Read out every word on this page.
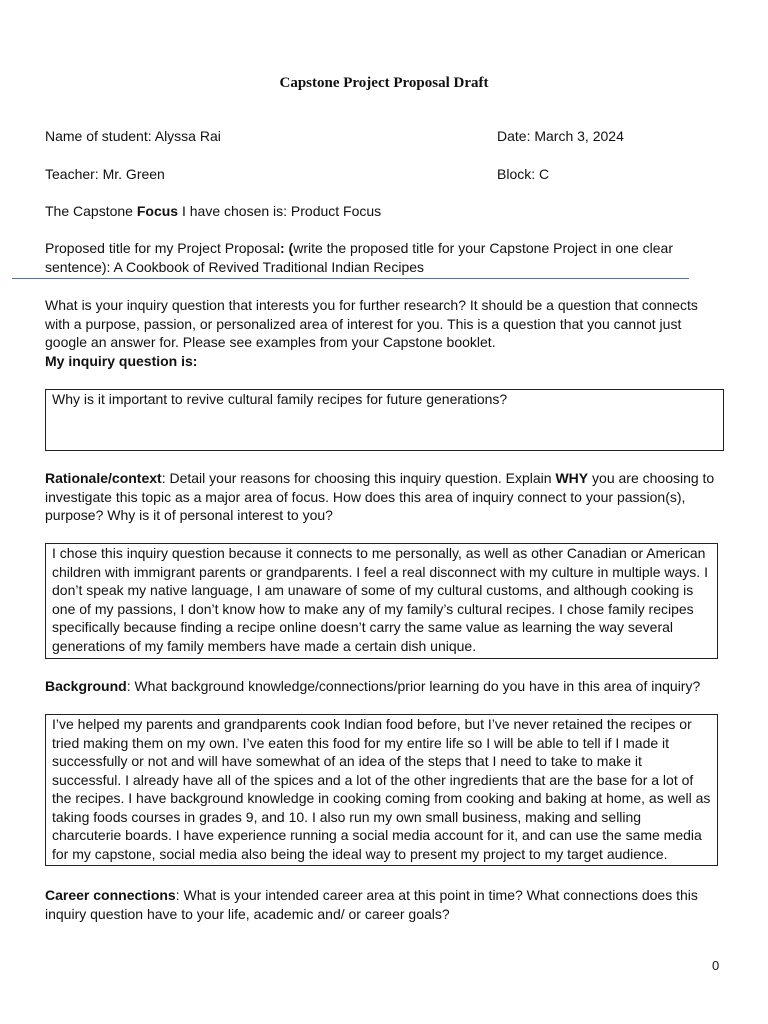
Capstone Project Proposal Draft
Name of student: Alyssa Rai	Date: March 3, 2024
Teacher: Mr. Green	Block: C
The Capstone Focus I have chosen is: Product Focus
Proposed title for my Project Proposal: (write the proposed title for your Capstone Project in one clear sentence): A Cookbook of Revived Traditional Indian Recipes
What is your inquiry question that interests you for further research? It should be a question that connects with a purpose, passion, or personalized area of interest for you. This is a question that you cannot just google an answer for. Please see examples from your Capstone booklet.
My inquiry question is:
Why is it important to revive cultural family recipes for future generations?
Rationale/context: Detail your reasons for choosing this inquiry question. Explain WHY you are choosing to investigate this topic as a major area of focus. How does this area of inquiry connect to your passion(s), purpose? Why is it of personal interest to you?
I chose this inquiry question because it connects to me personally, as well as other Canadian or American children with immigrant parents or grandparents. I feel a real disconnect with my culture in multiple ways. I don’t speak my native language, I am unaware of some of my cultural customs, and although cooking is one of my passions, I don’t know how to make any of my family’s cultural recipes. I chose family recipes specifically because finding a recipe online doesn’t carry the same value as learning the way several generations of my family members have made a certain dish unique.
Background: What background knowledge/connections/prior learning do you have in this area of inquiry?
I’ve helped my parents and grandparents cook Indian food before, but I’ve never retained the recipes or tried making them on my own. I’ve eaten this food for my entire life so I will be able to tell if I made it successfully or not and will have somewhat of an idea of the steps that I need to take to make it successful. I already have all of the spices and a lot of the other ingredients that are the base for a lot of the recipes. I have background knowledge in cooking coming from cooking and baking at home, as well as taking foods courses in grades 9, and 10. I also run my own small business, making and selling charcuterie boards. I have experience running a social media account for it, and can use the same media for my capstone, social media also being the ideal way to present my project to my target audience.
Career connections: What is your intended career area at this point in time? What connections does this inquiry question have to your life, academic and/ or career goals?
0
